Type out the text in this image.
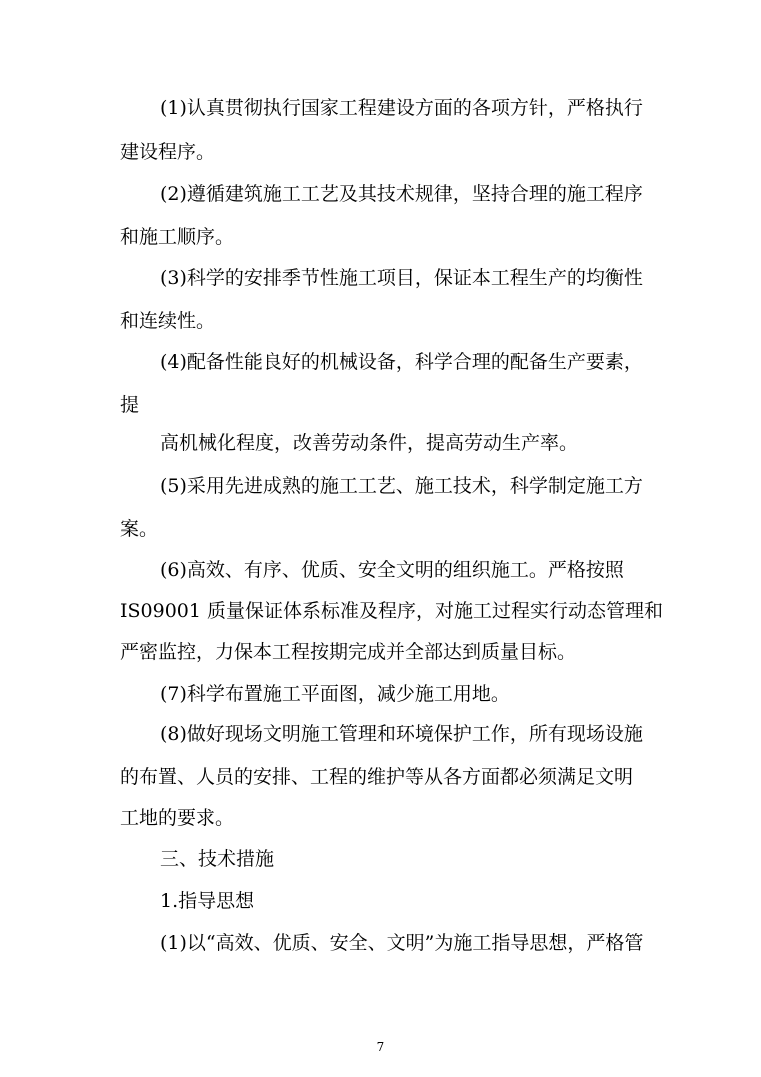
(1)认真贯彻执行国家工程建设方面的各项方针，严格执行
建设程序。
(2)遵循建筑施工工艺及其技术规律，坚持合理的施工程序
和施工顺序。
(3)科学的安排季节性施工项目，保证本工程生产的均衡性
和连续性。
(4)配备性能良好的机械设备，科学合理的配备生产要素，
提
高机械化程度，改善劳动条件，提高劳动生产率。
(5)采用先进成熟的施工工艺、施工技术，科学制定施工方
案。
(6)高效、有序、优质、安全文明的组织施工。严格按照
IS09001 质量保证体系标准及程序，对施工过程实行动态管理和
严密监控，力保本工程按期完成并全部达到质量目标。
(7)科学布置施工平面图，减少施工用地。
(8)做好现场文明施工管理和环境保护工作，所有现场设施
的布置、人员的安排、工程的维护等从各方面都必须满足文明
工地的要求。
三、技术措施
1.指导思想
(1)以“高效、优质、安全、文明”为施工指导思想，严格管
7
